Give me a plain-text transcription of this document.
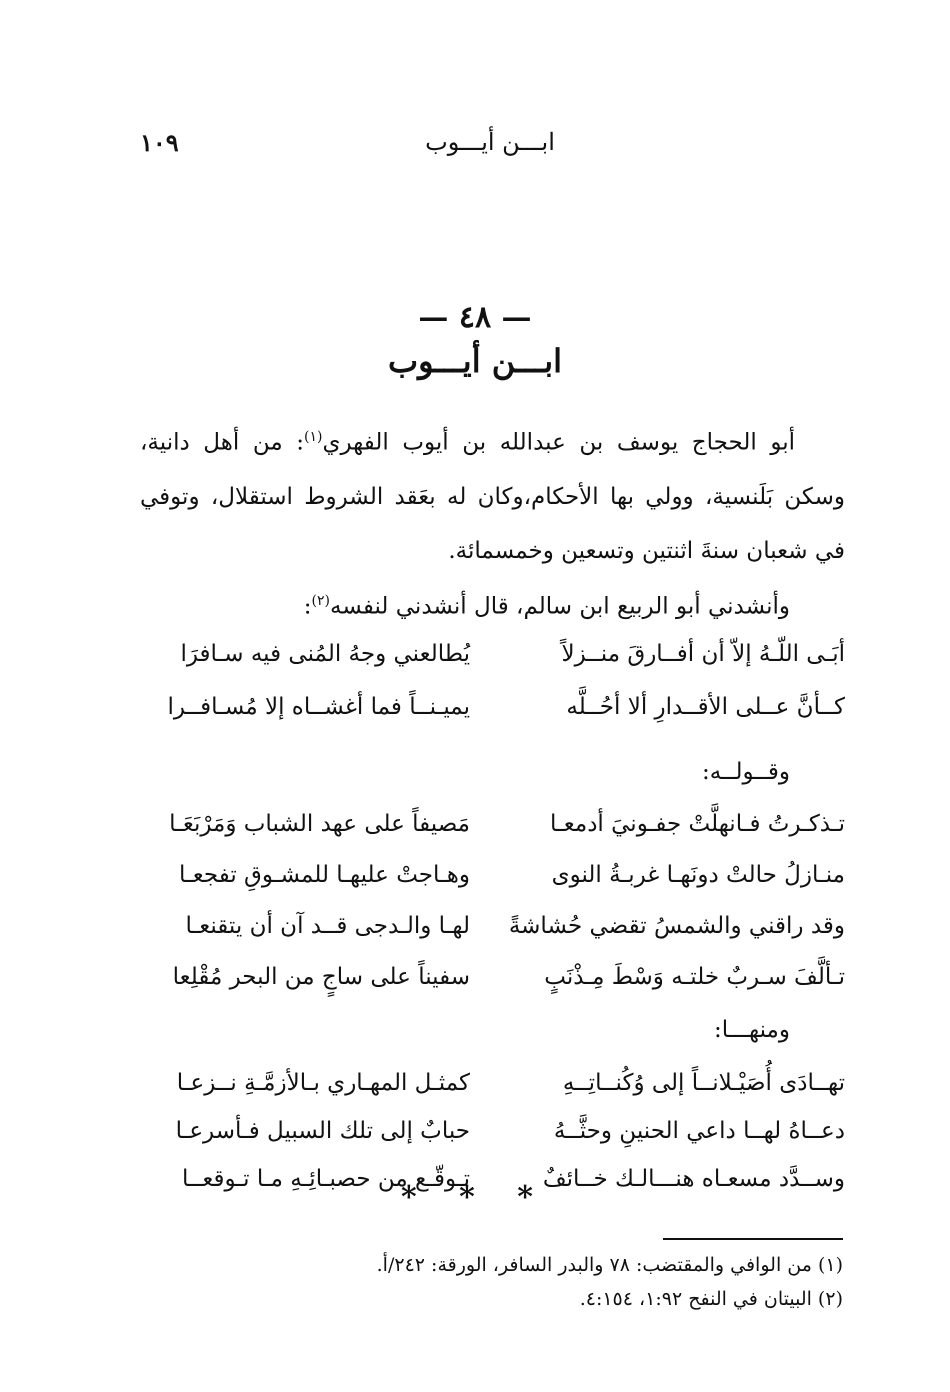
ابـــن أيـــوب
١٠٩
— ٤٨ —
ابـــن أيـــوب

أبو الحجاج يوسف بن عبدالله بن أيوب الفهري$^{(١)}$: من أهل دانية، وسكن بَلَنسية، وولي بها الأحكام،وكان له بعَقد الشروط استقلال، وتوفي في شعبان سنةَ اثنتين وتسعين وخمسمائة.

وأنشدني أبو الربيع ابن سالم، قال أنشدني لنفسه$^{(٢)}$:
أبَـى اللّـهُ إلاّ أن أفــارقَ منــزلاً
يُطالعني وجهُ المُنى فيه سـافرَا
كــأنَّ عــلى الأقــدارِ ألا أحُــلَّه
يميـنــاً فما أغشــاه إلا مُسـافــرا
وقــولــه:
تـذكـرتُ فـانهلَّتْ جفـونيَ أدمعـا
مَصيفاً على عهد الشباب وَمَرْبَعَـا
منـازلُ حالتْ دونَهـا غربـةُ النوى
وهـاجتْ عليهـا للمشـوقِ تفجعـا
وقد راقني والشمسُ تقضي حُشاشةً
لهـا والـدجى قــد آن أن يتقنعـا
تـألَّفَ سـربٌ خلتـه وَسْطَ مِـذْنَبٍ
سفيناً على ساجٍ من البحر مُقْلِعا
ومنهـــا:
تهــادَى أُصَيْـلانــاً إلى وُكُنــاتِــهِ
كمثـل المهـاري بـالأزمَّـةِ نــزعـا
دعــاهُ لهــا داعي الحنينِ وحثَّــهُ
حبابٌ إلى تلك السبيل فـأسرعـا
وســدَّد مسعـاه هنـــالـك خــائفٌ
تـوقّـع من حصبـائِـهِ مـا تـوقعــا
* * *
(١) من الوافي والمقتضب: ٧٨ والبدر السافر، الورقة: ٢٤٢/أ.
(٢) البيتان في النفح ١:٩٢، ٤:١٥٤.
